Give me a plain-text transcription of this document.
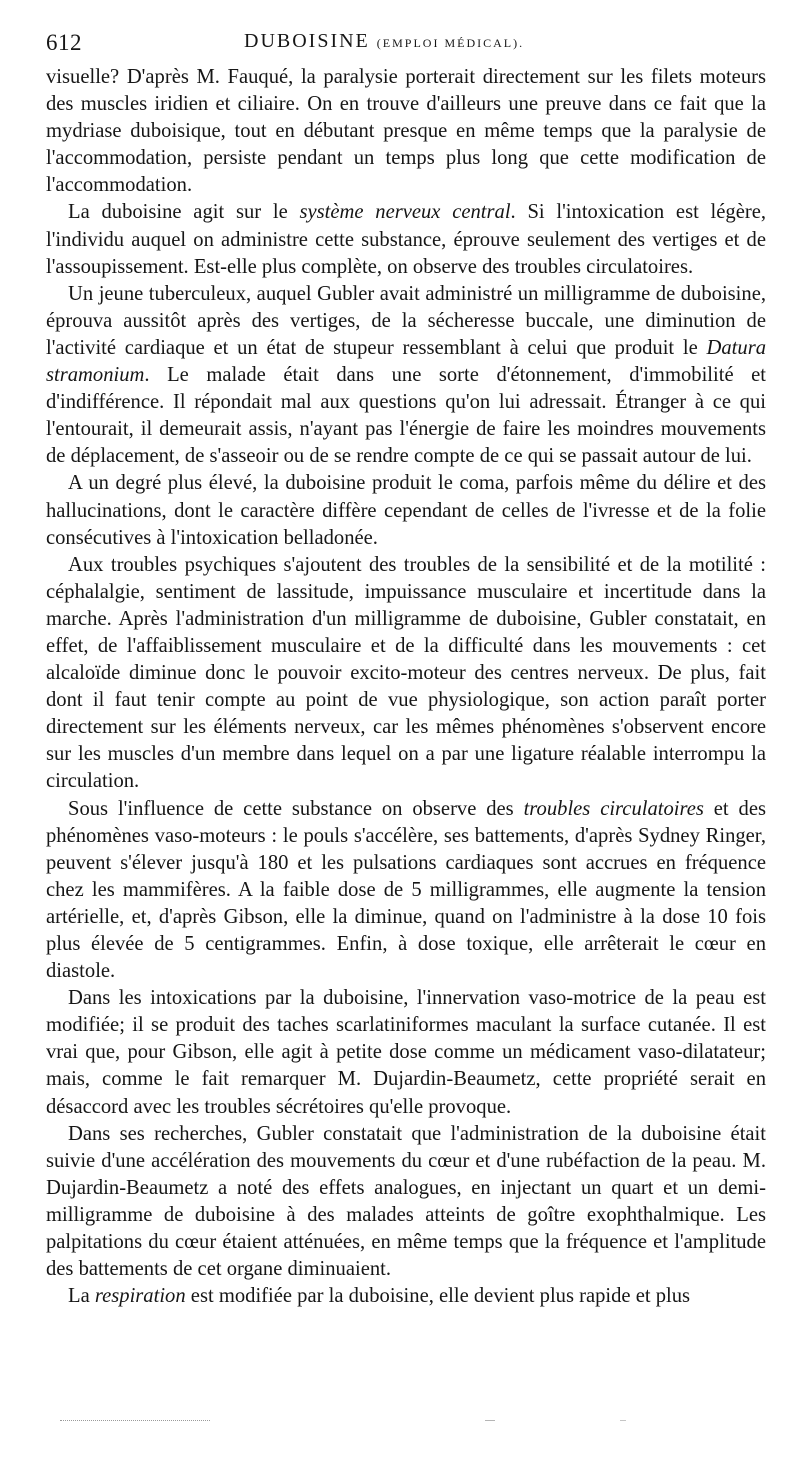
612	DUBOISINE (EMPLOI MÉDICAL).

visuelle? D'après M. Fauqué, la paralysie porterait directement sur les filets moteurs des muscles iridien et ciliaire. On en trouve d'ailleurs une preuve dans ce fait que la mydriase duboisique, tout en débutant presque en même temps que la paralysie de l'accommodation, persiste pendant un temps plus long que cette modification de l'accommodation.

La duboisine agit sur le système nerveux central. Si l'intoxication est légère, l'individu auquel on administre cette substance, éprouve seulement des vertiges et de l'assoupissement. Est-elle plus complète, on observe des troubles circulatoires.

Un jeune tuberculeux, auquel Gubler avait administré un milligramme de duboisine, éprouva aussitôt après des vertiges, de la sécheresse buccale, une diminution de l'activité cardiaque et un état de stupeur ressemblant à celui que produit le Datura stramonium. Le malade était dans une sorte d'étonnement, d'immobilité et d'indifférence. Il répondait mal aux questions qu'on lui adressait. Étranger à ce qui l'entourait, il demeurait assis, n'ayant pas l'énergie de faire les moindres mouvements de déplacement, de s'asseoir ou de se rendre compte de ce qui se passait autour de lui.

A un degré plus élevé, la duboisine produit le coma, parfois même du délire et des hallucinations, dont le caractère diffère cependant de celles de l'ivresse et de la folie consécutives à l'intoxication belladonée.

Aux troubles psychiques s'ajoutent des troubles de la sensibilité et de la motilité : céphalalgie, sentiment de lassitude, impuissance musculaire et incertitude dans la marche. Après l'administration d'un milligramme de duboisine, Gubler constatait, en effet, de l'affaiblissement musculaire et de la difficulté dans les mouvements : cet alcaloïde diminue donc le pouvoir excito-moteur des centres nerveux. De plus, fait dont il faut tenir compte au point de vue physiologique, son action paraît porter directement sur les éléments nerveux, car les mêmes phénomènes s'observent encore sur les muscles d'un membre dans lequel on a par une ligature réalable interrompu la circulation.

Sous l'influence de cette substance on observe des troubles circulatoires et des phénomènes vaso-moteurs : le pouls s'accélère, ses battements, d'après Sydney Ringer, peuvent s'élever jusqu'à 180 et les pulsations cardiaques sont accrues en fréquence chez les mammifères. A la faible dose de 5 milligrammes, elle augmente la tension artérielle, et, d'après Gibson, elle la diminue, quand on l'administre à la dose 10 fois plus élevée de 5 centigrammes. Enfin, à dose toxique, elle arrêterait le cœur en diastole.

Dans les intoxications par la duboisine, l'innervation vaso-motrice de la peau est modifiée; il se produit des taches scarlatiniformes maculant la surface cutanée. Il est vrai que, pour Gibson, elle agit à petite dose comme un médicament vaso-dilatateur; mais, comme le fait remarquer M. Dujardin-Beaumetz, cette propriété serait en désaccord avec les troubles sécrétoires qu'elle provoque.

Dans ses recherches, Gubler constatait que l'administration de la duboisine était suivie d'une accélération des mouvements du cœur et d'une rubéfaction de la peau. M. Dujardin-Beaumetz a noté des effets analogues, en injectant un quart et un demi-milligramme de duboisine à des malades atteints de goître exophthalmique. Les palpitations du cœur étaient atténuées, en même temps que la fréquence et l'amplitude des battements de cet organe diminuaient.

La respiration est modifiée par la duboisine, elle devient plus rapide et plus
